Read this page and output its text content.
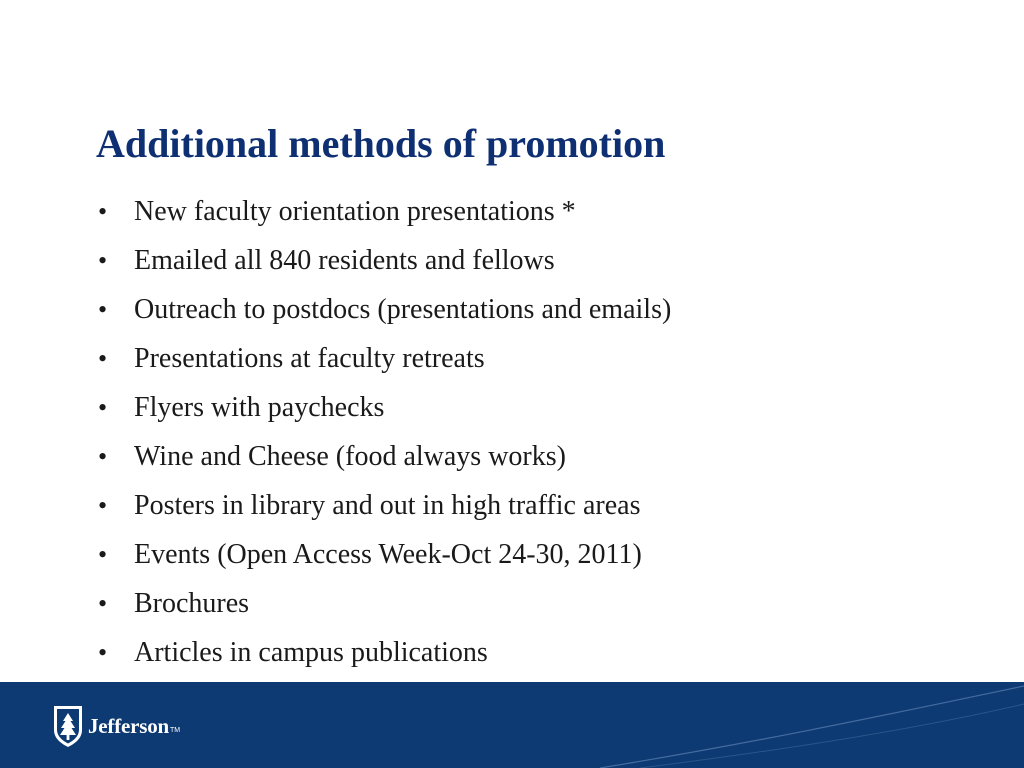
Additional methods of promotion
• New faculty orientation presentations *
• Emailed all 840 residents and fellows
• Outreach to postdocs (presentations and emails)
• Presentations at faculty retreats
• Flyers with paychecks
• Wine and Cheese (food always works)
• Posters in library and out in high traffic areas
• Events (Open Access Week-Oct 24-30, 2011)
• Brochures
• Articles in campus publications
Jefferson TM
